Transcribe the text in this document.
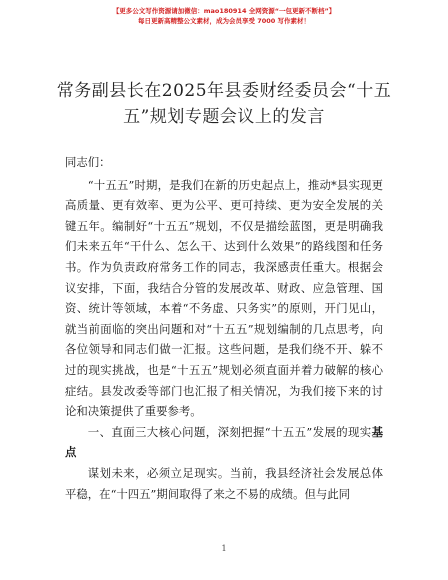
【更多公文写作资源请加微信：mao180914 全网资源“一包更新不断档”】
每日更新高精整公文素材，成为会员享受 7000 写作素材！
常务副县长在2025年县委财经委员会“十五
五”规划专题会议上的发言

同志们：

“十五五”时期，是我们在新的历史起点上，推动*县实现更高质量、更有效率、更为公平、更可持续、更为安全发展的关键五年。编制好“十五五”规划，不仅是描绘蓝图，更是明确我们未来五年“干什么、怎么干、达到什么效果”的路线图和任务书。作为负责政府常务工作的同志，我深感责任重大。根据会议安排，下面，我结合分管的发展改革、财政、应急管理、国资、统计等领域，本着“不务虚、只务实”的原则，开门见山，就当前面临的突出问题和对“十五五”规划编制的几点思考，向各位领导和同志们做一汇报。这些问题，是我们绕不开、躲不过的现实挑战，也是“十五五”规划必须直面并着力破解的核心症结。县发改委等部门也汇报了相关情况，为我们接下来的讨论和决策提供了重要参考。

一、直面三大核心问题，深刻把握“十五五”发展的现实基点

谋划未来，必须立足现实。当前，我县经济社会发展总体平稳，在“十四五”期间取得了来之不易的成绩。但与此同

1
